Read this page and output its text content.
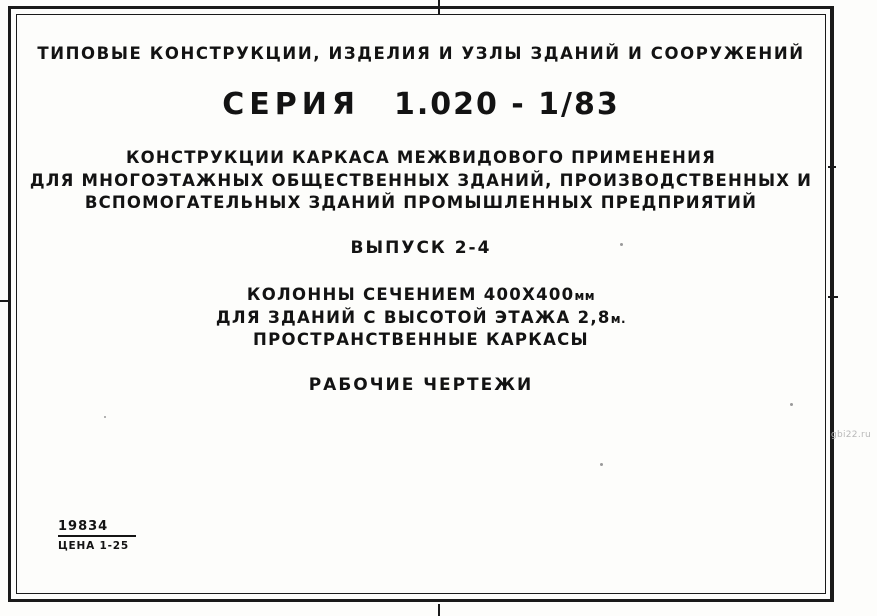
ТИПОВЫЕ КОНСТРУКЦИИ, ИЗДЕЛИЯ И УЗЛЫ ЗДАНИЙ И СООРУЖЕНИЙ
СЕРИЯ 1.020 - 1/83
КОНСТРУКЦИИ КАРКАСА МЕЖВИДОВОГО ПРИМЕНЕНИЯ
ДЛЯ МНОГОЭТАЖНЫХ ОБЩЕСТВЕННЫХ ЗДАНИЙ, ПРОИЗВОДСТВЕННЫХ И
ВСПОМОГАТЕЛЬНЫХ ЗДАНИЙ ПРОМЫШЛЕННЫХ ПРЕДПРИЯТИЙ
ВЫПУСК 2-4
КОЛОННЫ СЕЧЕНИЕМ 400Х400мм
ДЛЯ ЗДАНИЙ С ВЫСОТОЙ ЭТАЖА 2,8м.
ПРОСТРАНСТВЕННЫЕ КАРКАСЫ
РАБОЧИЕ ЧЕРТЕЖИ
19834
ЦЕНА 1-25
gbi22.ru
